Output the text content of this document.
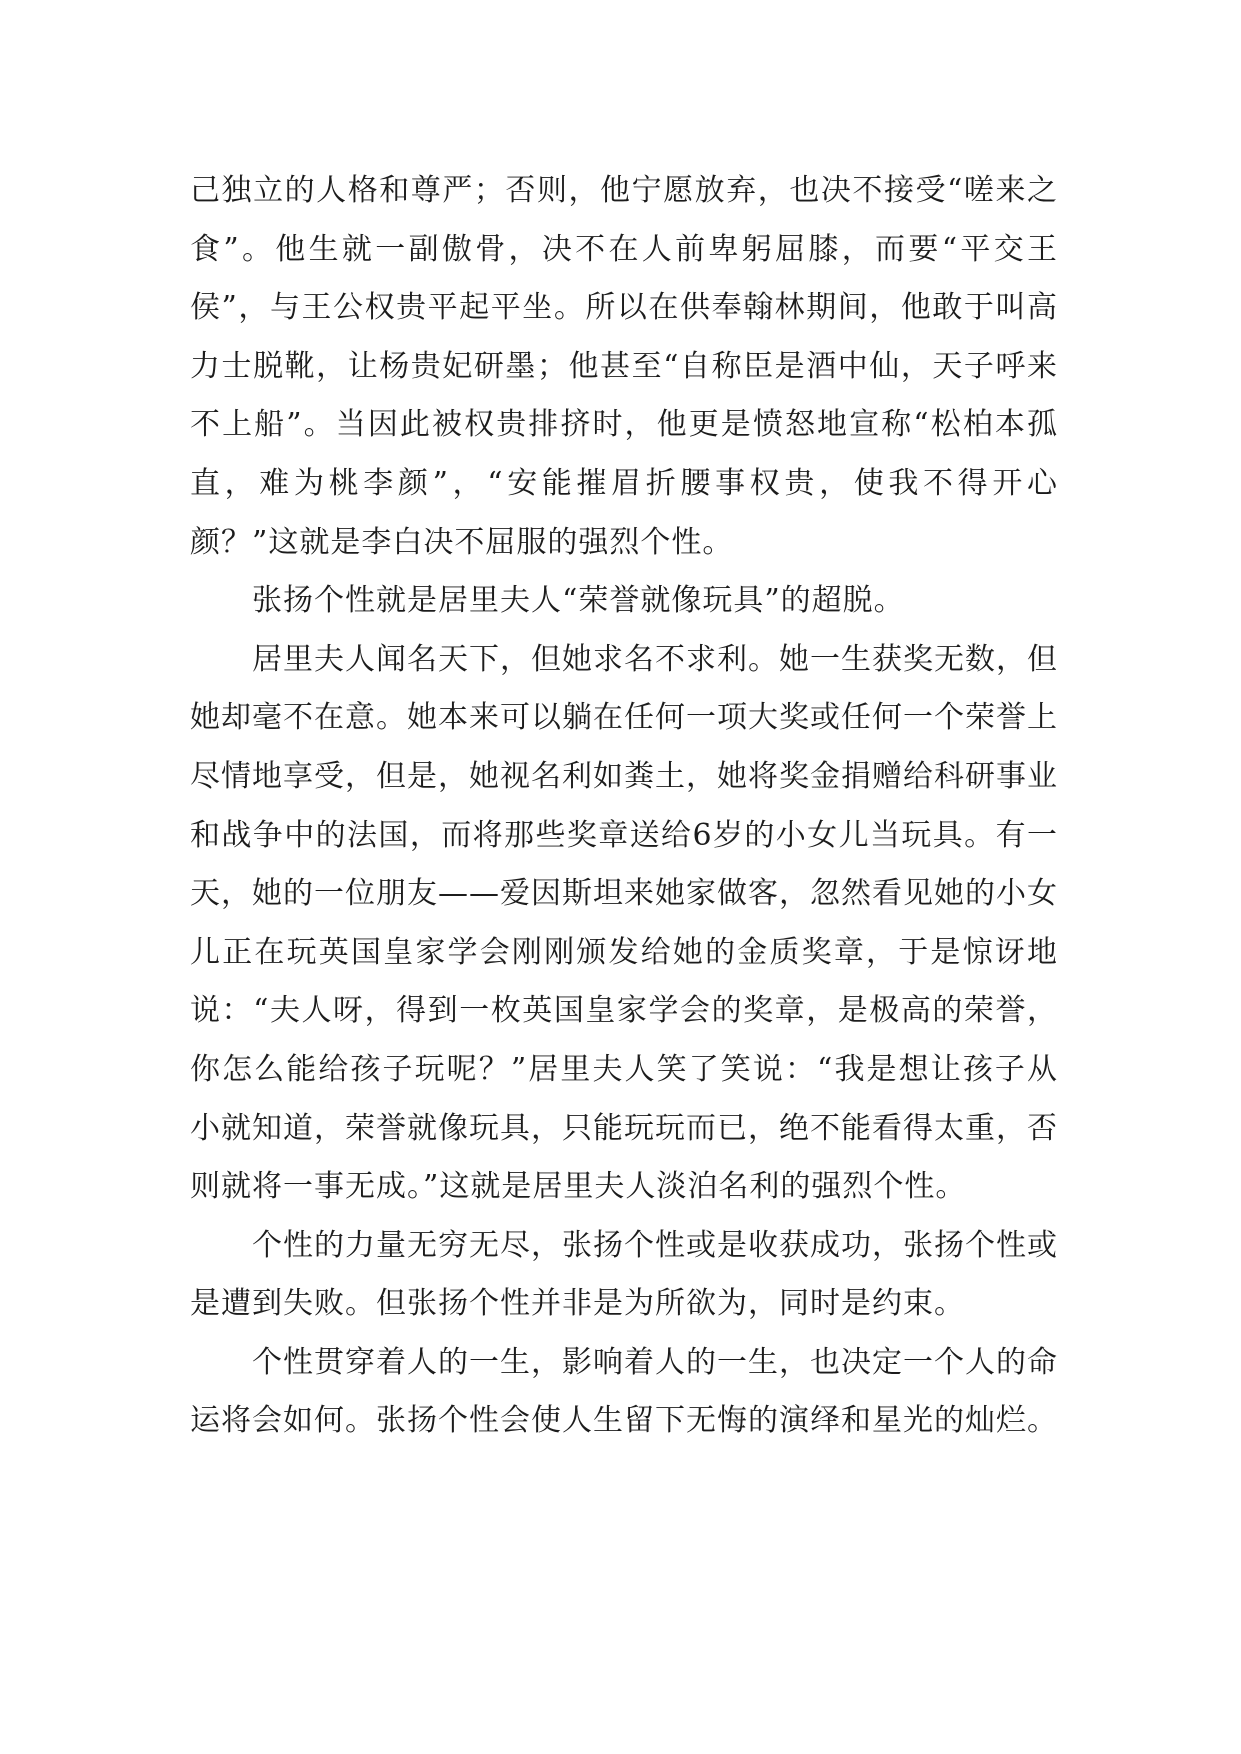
己独立的人格和尊严；否则，他宁愿放弃，也决不接受“嗟来之食”。他生就一副傲骨，决不在人前卑躬屈膝，而要“平交王侯”，与王公权贵平起平坐。所以在供奉翰林期间，他敢于叫高力士脱靴，让杨贵妃研墨；他甚至“自称臣是酒中仙，天子呼来不上船”。当因此被权贵排挤时，他更是愤怒地宣称“松柏本孤直，难为桃李颜”，“安能摧眉折腰事权贵，使我不得开心颜？”这就是李白决不屈服的强烈个性。

张扬个性就是居里夫人“荣誉就像玩具”的超脱。

居里夫人闻名天下，但她求名不求利。她一生获奖无数，但她却毫不在意。她本来可以躺在任何一项大奖或任何一个荣誉上尽情地享受，但是，她视名利如粪土，她将奖金捐赠给科研事业和战争中的法国，而将那些奖章送给6岁的小女儿当玩具。有一天，她的一位朋友——爱因斯坦来她家做客，忽然看见她的小女儿正在玩英国皇家学会刚刚颁发给她的金质奖章，于是惊讶地说：“夫人呀，得到一枚英国皇家学会的奖章，是极高的荣誉，你怎么能给孩子玩呢？”居里夫人笑了笑说：“我是想让孩子从小就知道，荣誉就像玩具，只能玩玩而已，绝不能看得太重，否则就将一事无成。”这就是居里夫人淡泊名利的强烈个性。

个性的力量无穷无尽，张扬个性或是收获成功，张扬个性或是遭到失败。但张扬个性并非是为所欲为，同时是约束。

个性贯穿着人的一生，影响着人的一生，也决定一个人的命运将会如何。张扬个性会使人生留下无悔的演绎和星光的灿烂。
